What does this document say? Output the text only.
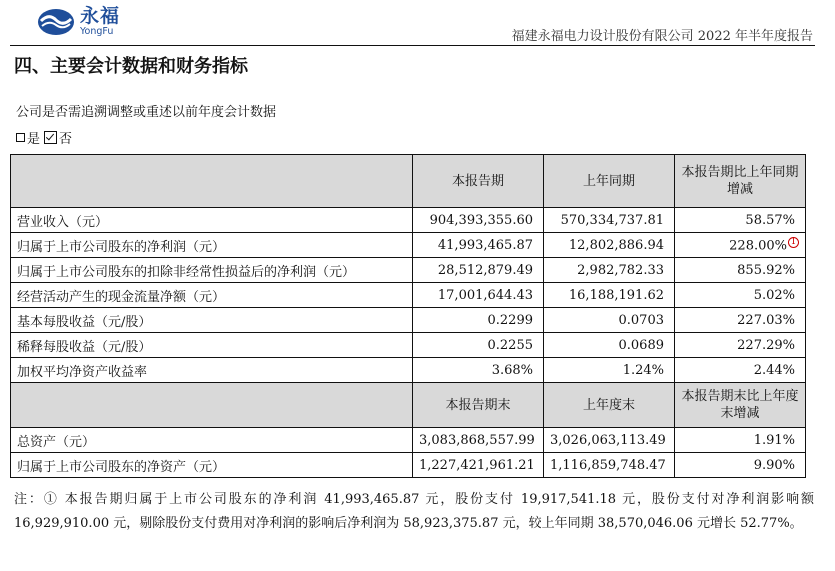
永福
YongFu	福建永福电力设计股份有限公司 2022 年半年度报告
四、主要会计数据和财务指标
公司是否需追溯调整或重述以前年度会计数据
是 否
	本报告期	上年同期	本报告期比上年同期增减
营业收入（元）	904,393,355.60	570,334,737.81	58.57%
归属于上市公司股东的净利润（元）	41,993,465.87	12,802,886.94	228.00% 1
归属于上市公司股东的扣除非经常性损益后的净利润（元）	28,512,879.49	2,982,782.33	855.92%
经营活动产生的现金流量净额（元）	17,001,644.43	16,188,191.62	5.02%
基本每股收益（元/股）	0.2299	0.0703	227.03%
稀释每股收益（元/股）	0.2255	0.0689	227.29%
加权平均净资产收益率	3.68%	1.24%	2.44%
	本报告期末	上年度末	本报告期末比上年度末增减
总资产（元）	3,083,868,557.99	3,026,063,113.49	1.91%
归属于上市公司股东的净资产（元）	1,227,421,961.21	1,116,859,748.47	9.90%
注：① 本报告期归属于上市公司股东的净利润 41,993,465.87 元，股份支付 19,917,541.18 元，股份支付对净利润影响额 16,929,910.00 元，剔除股份支付费用对净利润的影响后净利润为 58,923,375.87 元，较上年同期 38,570,046.06 元增长 52.77%。
